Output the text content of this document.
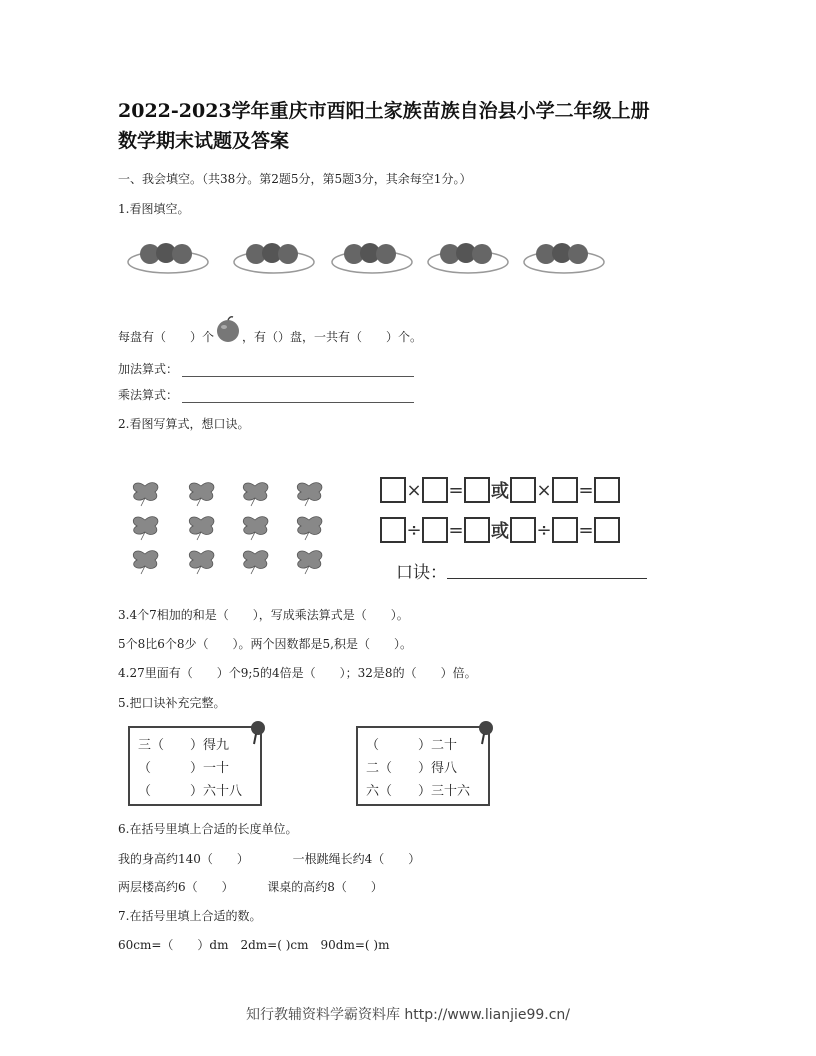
2022-2023学年重庆市酉阳土家族苗族自治县小学二年级上册
数学期末试题及答案
一、我会填空。（共38分。第2题5分，第5题3分，其余每空1分。）
1.看图填空。
每盘有（　　）个 ，有（）盘，一共有（　　）个。
加法算式：
乘法算式：
2.看图写算式，想口诀。
× = 或 × =
÷ = 或 ÷ =
口诀：
3.4个7相加的和是（　　），写成乘法算式是（　　）。
5个8比6个8少（　　）。两个因数都是5,积是（　　）。
4.27里面有（　　）个9;5的4倍是（　　）；32是8的（　　）倍。
5.把口诀补充完整。
三（　　）得九
（　　　）一十
（　　　）六十八
（　　　）二十
二（　　）得八
六（　　）三十六
6.在括号里填上合适的长度单位。
我的身高约140（　　）	一根跳绳长约4（　　）
两层楼高约6（　　）	课桌的高约8（　　）
7.在括号里填上合适的数。
60cm=（　　）dm　2dm=( )cm　90dm=( )m
知行教辅资料学霸资料库 http://www.lianjie99.cn/
